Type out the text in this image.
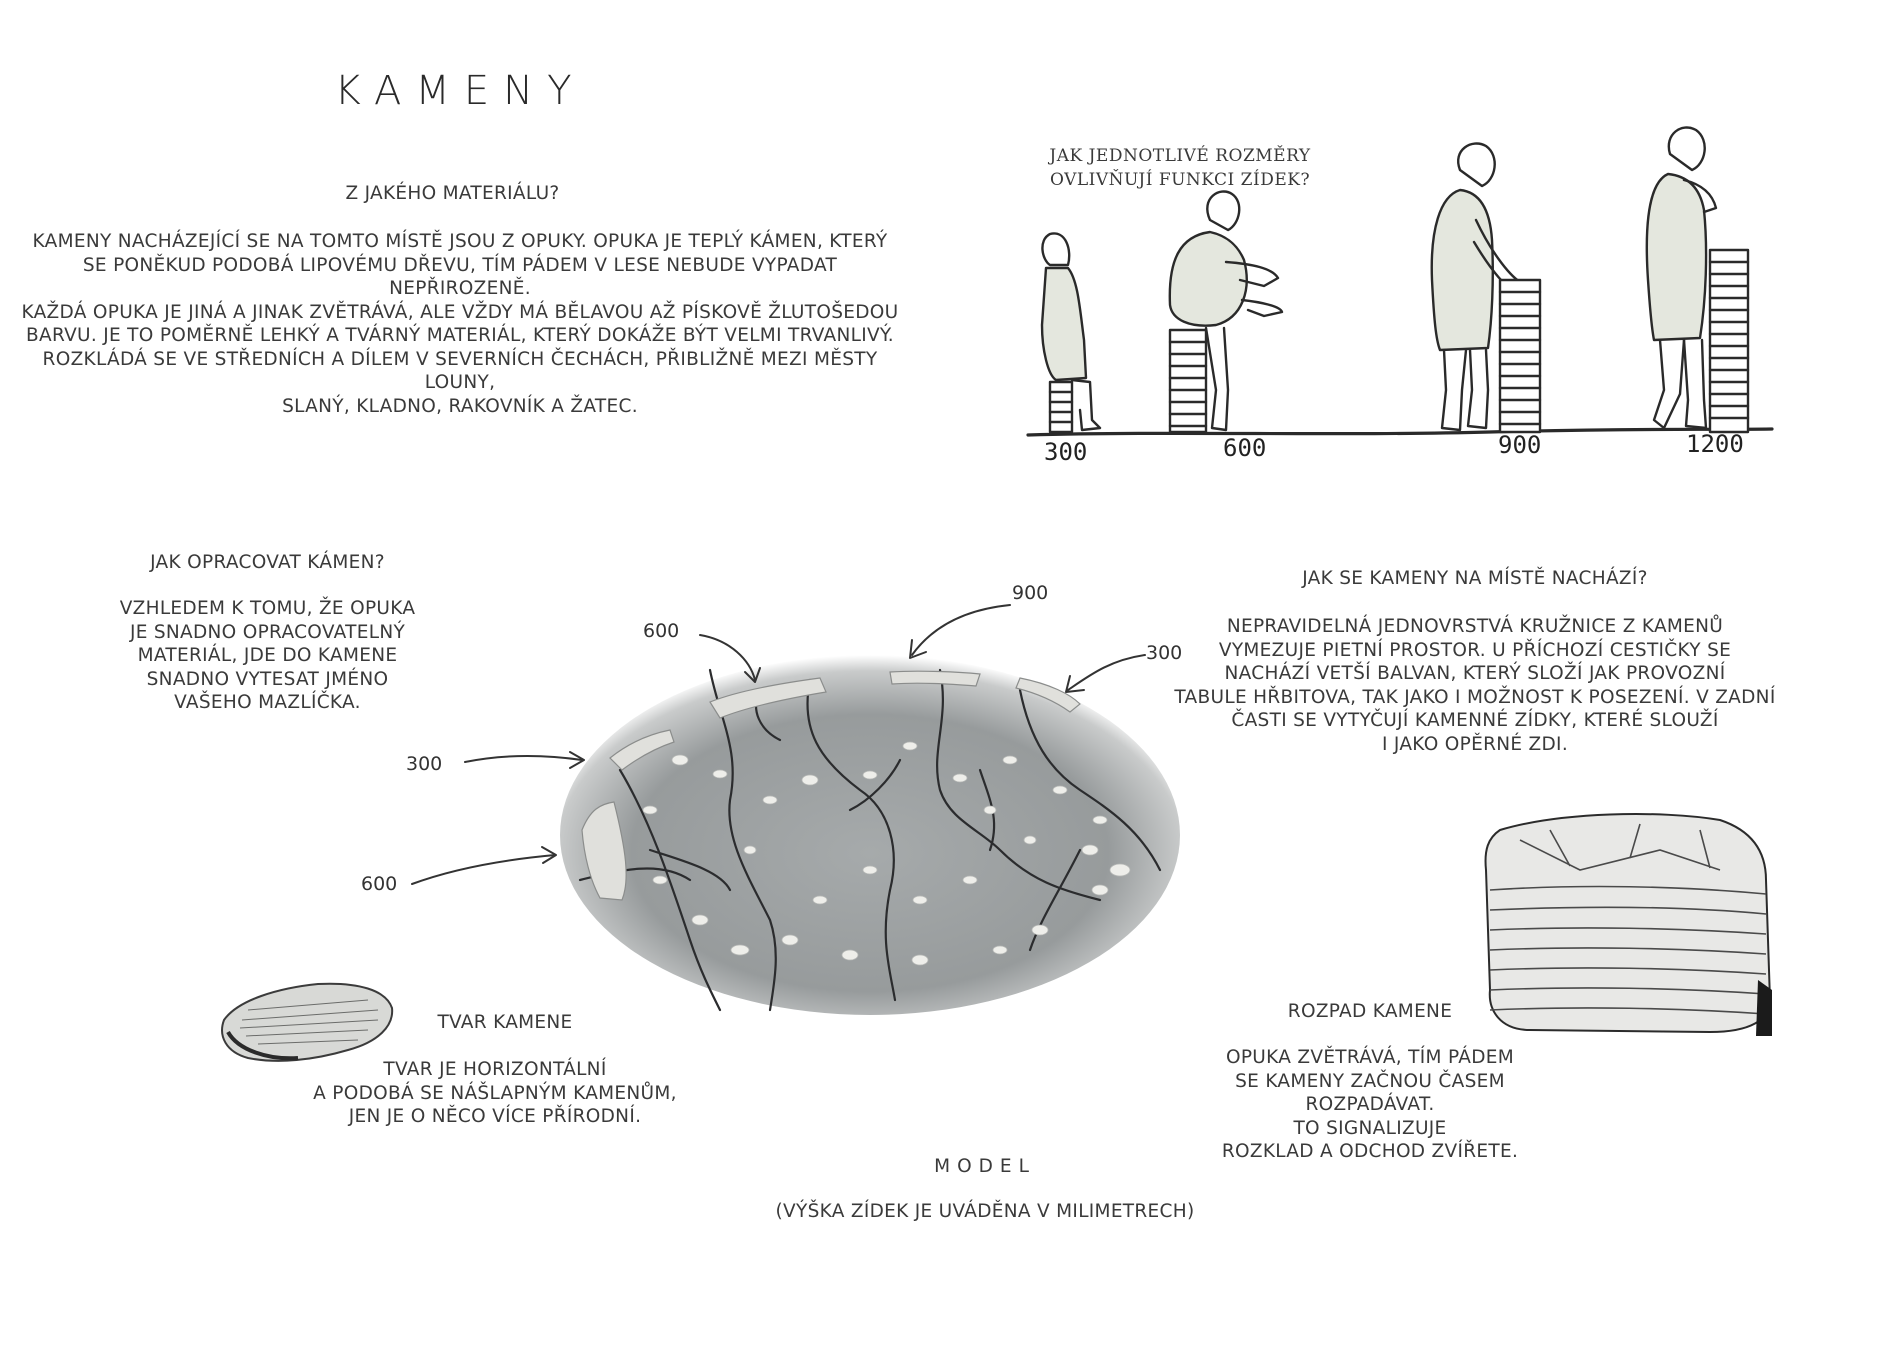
KAMENY
Z JAKÉHO MATERIÁLU?
KAMENY NACHÁZEJÍCÍ SE NA TOMTO MÍSTĚ JSOU Z OPUKY. OPUKA JE TEPLÝ KÁMEN, KTERÝ
SE PONĚKUD PODOBÁ LIPOVÉMU DŘEVU, TÍM PÁDEM V LESE NEBUDE VYPADAT NEPŘIROZENĚ.
KAŽDÁ OPUKA JE JINÁ A JINAK ZVĚTRÁVÁ, ALE VŽDY MÁ BĚLAVOU AŽ PÍSKOVĚ ŽLUTOŠEDOU
BARVU. JE TO POMĚRNĚ LEHKÝ A TVÁRNÝ MATERIÁL, KTERÝ DOKÁŽE BÝT VELMI TRVANLIVÝ.
ROZKLÁDÁ SE VE STŘEDNÍCH A DÍLEM V SEVERNÍCH ČECHÁCH, PŘIBLIŽNĚ MEZI MĚSTY LOUNY,
SLANÝ, KLADNO, RAKOVNÍK A ŽATEC.
JAK JEDNOTLIVÉ ROZMĚRY
OVLIVŇUJÍ FUNKCI ZÍDEK?
300	600	900	1200
JAK OPRACOVAT KÁMEN?
VZHLEDEM K TOMU, ŽE OPUKA
JE SNADNO OPRACOVATELNÝ
MATERIÁL, JDE DO KAMENE
SNADNO VYTESAT JMÉNO
VAŠEHO MAZLÍČKA.
JAK SE KAMENY NA MÍSTĚ NACHÁZÍ?
NEPRAVIDELNÁ JEDNOVRSTVÁ KRUŽNICE Z KAMENŮ
VYMEZUJE PIETNÍ PROSTOR. U PŘÍCHOZÍ CESTIČKY SE
NACHÁZÍ VETŠÍ BALVAN, KTERÝ SLOŽÍ JAK PROVOZNÍ
TABULE HŘBITOVA, TAK JAKO I MOŽNOST K POSEZENÍ. V ZADNÍ
ČASTI SE VYTYČUJÍ KAMENNÉ ZÍDKY, KTERÉ SLOUŽÍ
I JAKO OPĚRNÉ ZDI.
600
900
300
300
600
TVAR KAMENE
TVAR JE HORIZONTÁLNÍ
A PODOBÁ SE NÁŠLAPNÝM KAMENŮM,
JEN JE O NĚCO VÍCE PŘÍRODNÍ.
ROZPAD KAMENE
OPUKA ZVĚTRÁVÁ, TÍM PÁDEM
SE KAMENY ZAČNOU ČASEM
ROZPADÁVAT.
TO SIGNALIZUJE
ROZKLAD A ODCHOD ZVÍŘETE.
MODEL
(VÝŠKA ZÍDEK JE UVÁDĚNA V MILIMETRECH)
